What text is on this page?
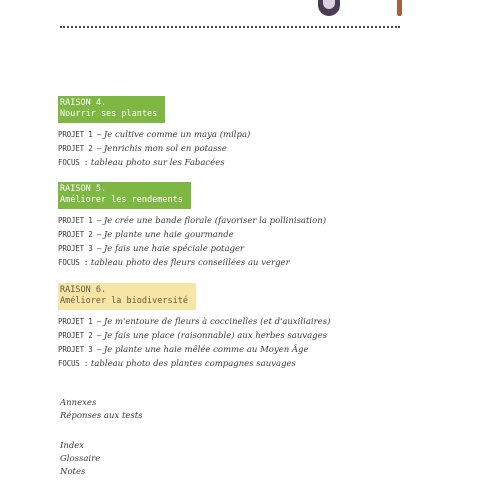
RAISON 4.
Nourrir ses plantes
PROJET 1 – Je cultive comme un maya (milpa)
PROJET 2 – Jenrichis mon sol en potasse
FOCUS : tableau photo sur les Fabacées
RAISON 5.
Améliorer les rendements
PROJET 1 – Je crée une bande florale (favoriser la pollinisation)
PROJET 2 – Je plante une haie gourmande
PROJET 3 – Je fais une haie spéciale potager
FOCUS : tableau photo des fleurs conseillées au verger
RAISON 6.
Améliorer la biodiversité
PROJET 1 – Je m'entoure de fleurs à coccinelles (et d'auxiliaires)
PROJET 2 – Je fais une place (raisonnable) aux herbes sauvages
PROJET 3 – Je plante une haie mêlée comme au Moyen Âge
FOCUS : tableau photo des plantes compagnes sauvages
Annexes
Réponses aux tests
Index
Glossaire
Notes
